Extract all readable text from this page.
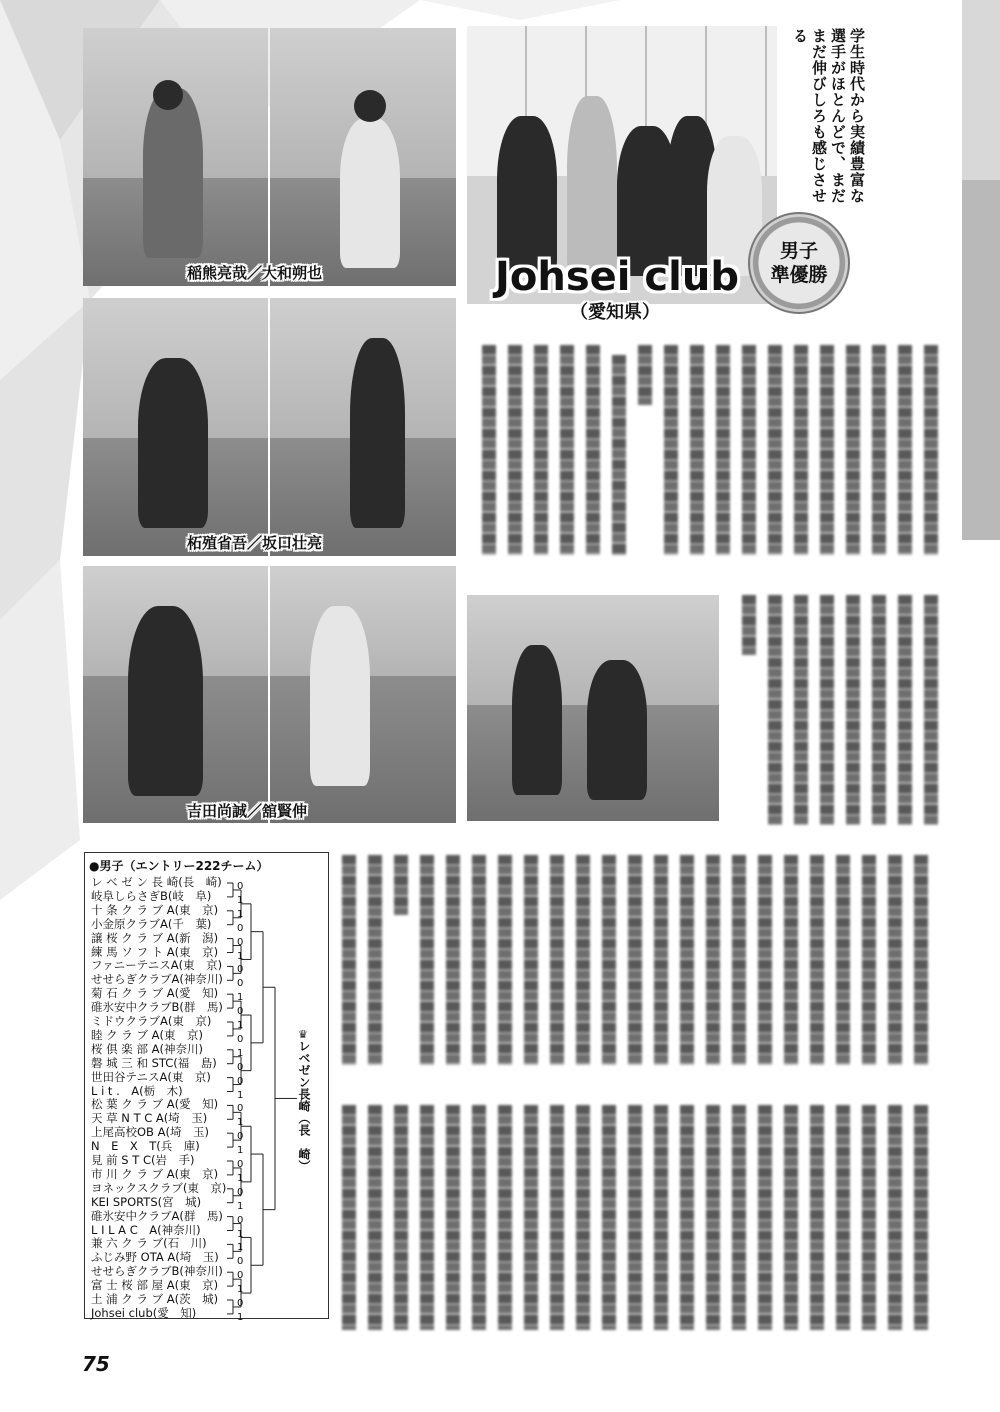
稲熊亮哉／大和朔也
柘殖省吾／坂口壮亮
吉田尚誠／舘賢伸
Johsei club
（愛知県）
男子
準優勝
学生時代から実績豊富な選手がほとんどで、まだまだ伸びしろも感じさせる
●男子（エントリー222チーム）
レ ベ ゼ ン 長 崎(長　崎) 0
岐阜しらさぎB(岐　阜)	1
十 条 ク ラ ブ A(東　京) 1
小金原クラブA(千　葉)	0
譲 桜 ク ラ ブ A(新　潟) 0
練 馬 ソ フ ト A(東　京) 1
ファニーテニスA(東　京) 0
せせらぎクラブA(神奈川) 0
菊 石 ク ラ ブ A(愛　知) 1
碓氷安中クラブB(群　馬) 0
ミドウクラブA(東　京)	1
睦 ク ラ ブ A(東　京)	0
桜 倶 楽 部 A(神奈川)	1
磐 城 三 和 STC(福　島) 0
世田谷テニスA(東　京)	0
L i t .　A(栃　木)	1
松 葉 ク ラ ブ A(愛　知) 0
天 草 N T C A(埼　玉)	1
上尾高校OB A(埼　玉)	0
N　E　X　T(兵　庫)	1
見 前 S T C(岩　手)	0
市 川 ク ラ ブ A(東　京) 1
ヨネックスクラブ(東　京) 0
KEI SPORTS(宮　城)	1
碓氷安中クラブA(群　馬) 0
L I L A C　A(神奈川)	1
兼 六 ク ラ ブ(石　川)	1
ふじみ野 OTA A(埼　玉) 0
せせらぎクラブB(神奈川) 0
富 士 桜 部 屋 A(東　京) 1
土 浦 ク ラ ブ A(茨　城) 0
Johsei club(愛　知)	1
レベゼン長崎（長　崎）
♛
75
